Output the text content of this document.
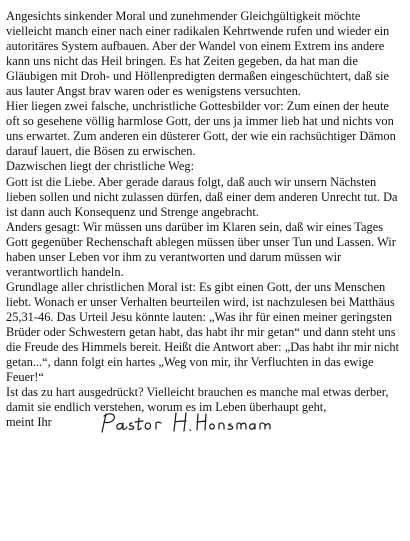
Angesichts sinkender Moral und zunehmender Gleichgültigkeit möchte vielleicht manch einer nach einer radikalen Kehrtwende rufen und wieder ein autoritäres System aufbauen. Aber der Wandel von einem Extrem ins andere kann uns nicht das Heil bringen. Es hat Zeiten gegeben, da hat man die Gläubigen mit Droh- und Höllenpredigten dermaßen eingeschüchtert, daß sie aus lauter Angst brav waren oder es wenigstens versuchten.

Hier liegen zwei falsche, unchristliche Gottesbilder vor: Zum einen der heute oft so gesehene völlig harmlose Gott, der uns ja immer lieb hat und nichts von uns erwartet. Zum anderen ein düsterer Gott, der wie ein rachsüchtiger Dämon darauf lauert, die Bösen zu erwischen.

Dazwischen liegt der christliche Weg:

Gott ist die Liebe. Aber gerade daraus folgt, daß auch wir unsern Nächsten lieben sollen und nicht zulassen dürfen, daß einer dem anderen Unrecht tut. Da ist dann auch Konsequenz und Strenge angebracht.

Anders gesagt: Wir müssen uns darüber im Klaren sein, daß wir eines Tages Gott gegenüber Rechenschaft ablegen müssen über unser Tun und Lassen. Wir haben unser Leben vor ihm zu verantworten und darum müssen wir verantwortlich handeln.

Grundlage aller christlichen Moral ist: Es gibt einen Gott, der uns Menschen liebt. Wonach er unser Verhalten beurteilen wird, ist nachzulesen bei Matthäus 25,31-46. Das Urteil Jesu könnte lauten: „Was ihr für einen meiner geringsten Brüder oder Schwestern getan habt, das habt ihr mir getan“ und dann steht uns die Freude des Himmels bereit. Heißt die Antwort aber: „Das habt ihr mir nicht getan...“, dann folgt ein hartes „Weg von mir, ihr Verfluchten in das ewige Feuer!“

Ist das zu hart ausgedrückt? Vielleicht brauchen es manche mal etwas derber, damit sie endlich verstehen, worum es im Leben überhaupt geht,

meint Ihr
